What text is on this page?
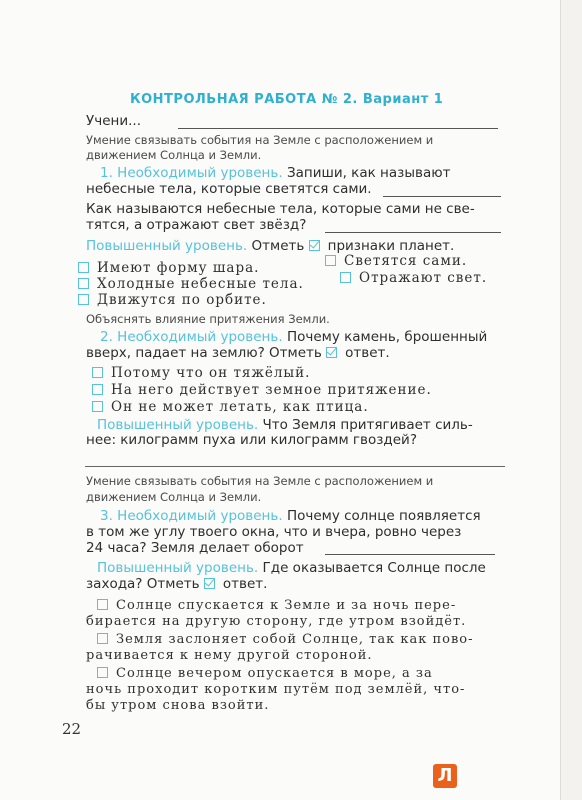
КОНТРОЛЬНАЯ РАБОТА № 2. Вариант 1
Учени...
Умение связывать события на Земле с расположением и
движением Солнца и Земли.
1. Необходимый уровень. Запиши, как называют
небесные тела, которые светятся сами.
Как называются небесные тела, которые сами не све-
тятся, а отражают свет звёзд?
Повышенный уровень. Отметь признаки планет.
Имеют форму шара.	Светятся сами.
Холодные небесные тела.	Отражают свет.
Движутся по орбите.
Объяснять влияние притяжения Земли.
2. Необходимый уровень. Почему камень, брошенный
вверх, падает на землю? Отметь ответ.
Потому что он тяжёлый.
На него действует земное притяжение.
Он не может летать, как птица.
Повышенный уровень. Что Земля притягивает силь-
нее: килограмм пуха или килограмм гвоздей?
Умение связывать события на Земле с расположением и
движением Солнца и Земли.
3. Необходимый уровень. Почему солнце появляется
в том же углу твоего окна, что и вчера, ровно через
24 часа? Земля делает оборот
Повышенный уровень. Где оказывается Солнце после
захода? Отметь ответ.
Солнце спускается к Земле и за ночь пере-
бирается на другую сторону, где утром взойдёт.
Земля заслоняет собой Солнце, так как пово-
рачивается к нему другой стороной.
Солнце вечером опускается в море, а за
ночь проходит коротким путём под землёй, что-
бы утром снова взойти.
22
Л
